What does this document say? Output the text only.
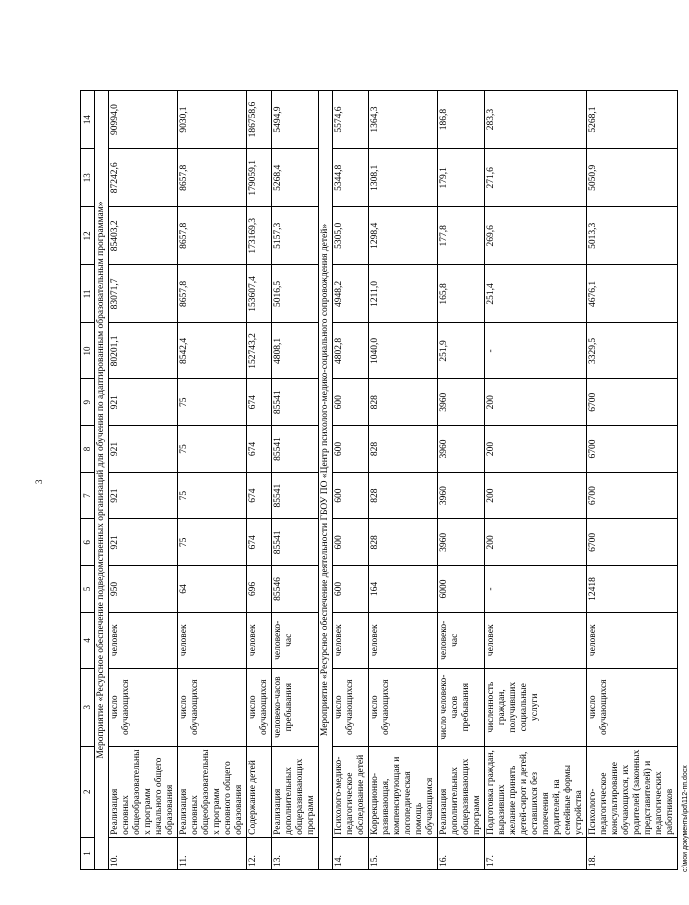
3
1	2	3	4	5	6	7	8	9	10	11	12	13	14
Мероприятие «Ресурсное обеспечение подведомственных организаций для обучения по адаптированным образовательным программам»													
10.	Реализация основных общеобразовательных программ начального общего образования	число обучающихся	человек	950	921	921	921	921	80201,1	83071,7	85403,2	87242,6	90994,0
11.	Реализация основных общеобразовательных программ основного общего образования	число обучающихся	человек	64	75	75	75	75	8542,4	8657,8	8657,8	8657,8	9030,1
12.	Содержание детей	число обучающихся	человек	696	674	674	674	674	152743,2	153607,4	173169,3	179059,1	186758,6
13.	Реализация дополнительных общеразвивающих программ	человеко-часов пребывания	человеко-час	85546	85541	85541	85541	85541	4808,1	5016,5	5157,3	5268,4	5494,9
Мероприятие «Ресурсное обеспечение деятельности ГБОУ ПО «Центр психолого-медико-социального сопровождения детей»													
14.	Психолого-медико-педагогическое обследование детей	число обучающихся	человек	600	600	600	600	600	4802,8	4948,2	5305,0	5344,8	5574,6
15.	Коррекционно-развивающая, компенсирующая и логопедическая помощь обучающимся	число обучающихся	человек	164	828	828	828	828	1040,0	1211,0	1298,4	1308,1	1364,3
16.	Реализация дополнительных общеразвивающих программ	число человеко-часов пребывания	человеко-час	6000	3960	3960	3960	3960	251,9	165,8	177,8	179,1	186,8
17.	Подготовка граждан, выразивших желание принять детей-сирот и детей, оставшихся без попечения родителей, на семейные формы устройства	численность граждан, получивших социальные услуги	человек	-	200	200	200	200	-	251,4	269,6	271,6	283,3
18.	Психолого-педагогическое консультирование обучающихся, их родителей (законных представителей) и педагогических работников	число обучающихся	человек	12418	6700	6700	6700	6700	3329,5	4676,1	5013,3	5050,9	5268,1
c:\мои документы\pd\112-пп.docx
